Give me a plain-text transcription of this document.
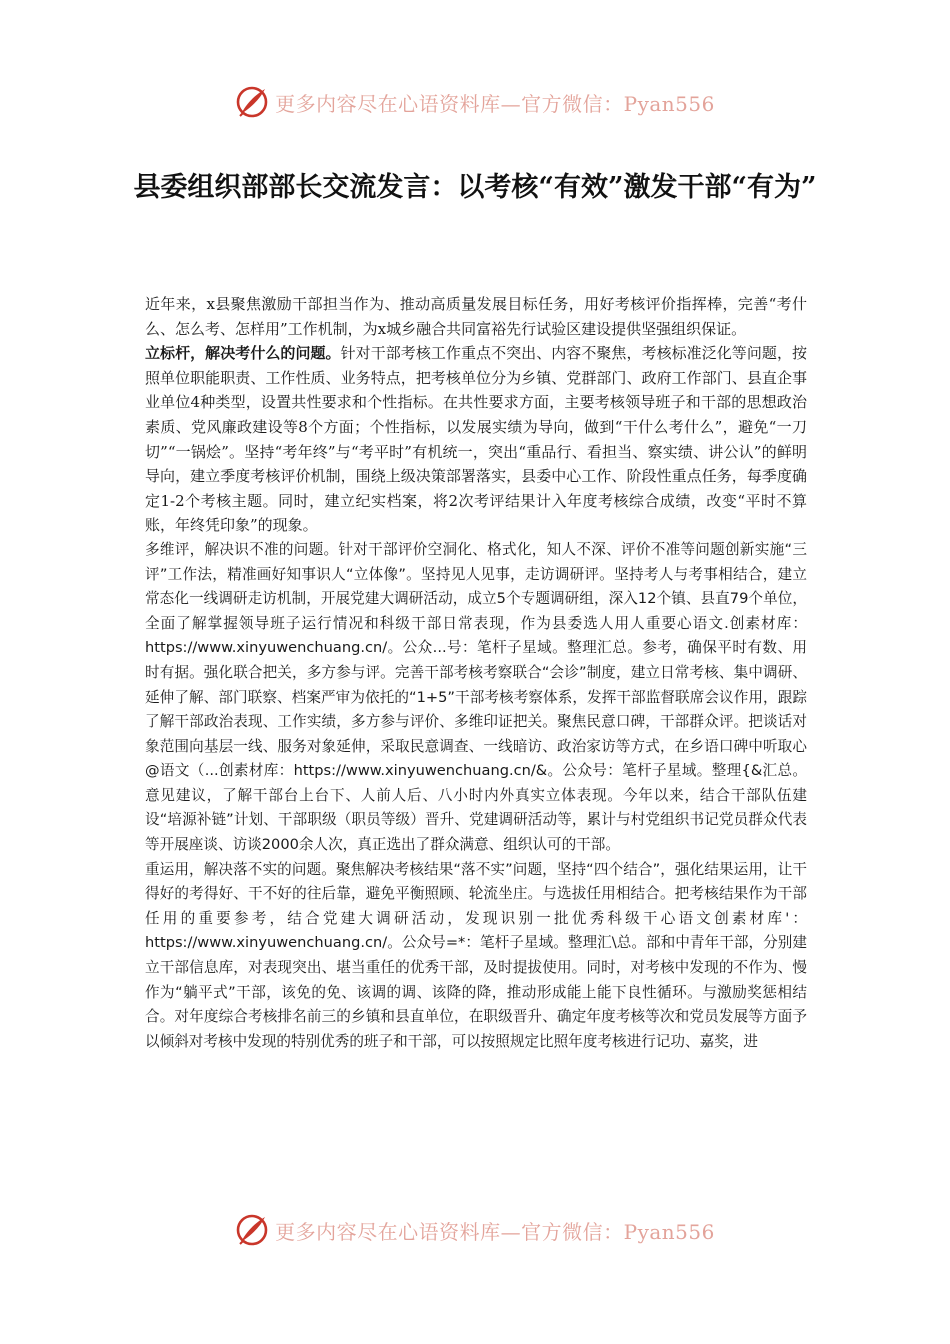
更多内容尽在心语资料库—官方微信：Pyan556
县委组织部部长交流发言：以考核“有效”激发干部“有为”

近年来，x县聚焦激励干部担当作为、推动高质量发展目标任务，用好考核评价指挥棒，完善“考什么、怎么考、怎样用”工作机制，为x城乡融合共同富裕先行试验区建设提供坚强组织保证。

立标杆，解决考什么的问题。针对干部考核工作重点不突出、内容不聚焦，考核标准泛化等问题，按照单位职能职责、工作性质、业务特点，把考核单位分为乡镇、党群部门、政府工作部门、县直企事业单位4种类型，设置共性要求和个性指标。在共性要求方面，主要考核领导班子和干部的思想政治素质、党风廉政建设等8个方面；个性指标，以发展实绩为导向，做到“干什么考什么”，避免“一刀切”“一锅烩”。坚持“考年终”与“考平时”有机统一，突出“重品行、看担当、察实绩、讲公认”的鲜明导向，建立季度考核评价机制，围绕上级决策部署落实，县委中心工作、阶段性重点任务，每季度确定1-2个考核主题。同时，建立纪实档案，将2次考评结果计入年度考核综合成绩，改变“平时不算账，年终凭印象”的现象。

多维评，解决识不准的问题。针对干部评价空洞化、格式化，知人不深、评价不准等问题创新实施“三评”工作法，精准画好知事识人“立体像”。坚持见人见事，走访调研评。坚持考人与考事相结合，建立常态化一线调研走访机制，开展党建大调研活动，成立5个专题调研组，深入12个镇、县直79个单位，全面了解掌握领导班子运行情况和科级干部日常表现，作为县委选人用人重要心语文.创素材库：https://www.xinyuwenchuang.cn/。公众...号：笔杆子星域。整理汇总。参考，确保平时有数、用时有据。强化联合把关，多方参与评。完善干部考核考察联合“会诊”制度，建立日常考核、集中调研、延伸了解、部门联察、档案严审为依托的“1+5”干部考核考察体系，发挥干部监督联席会议作用，跟踪了解干部政治表现、工作实绩，多方参与评价、多维印证把关。聚焦民意口碑，干部群众评。把谈话对象范围向基层一线、服务对象延伸，采取民意调查、一线暗访、政治家访等方式，在乡语口碑中听取心@语文（...创素材库：https://www.xinyuwenchuang.cn/&。公众号：笔杆子星域。整理{&汇总。意见建议，了解干部台上台下、人前人后、八小时内外真实立体表现。今年以来，结合干部队伍建设“培源补链”计划、干部职级（职员等级）晋升、党建调研活动等，累计与村党组织书记党员群众代表等开展座谈、访谈2000余人次，真正选出了群众满意、组织认可的干部。

重运用，解决落不实的问题。聚焦解决考核结果“落不实”问题，坚持“四个结合”，强化结果运用，让干得好的考得好、干不好的往后靠，避免平衡照顾、轮流坐庄。与选拔任用相结合。把考核结果作为干部任用的重要参考，结合党建大调研活动，发现识别一批优秀科级干心语文创素材库'：https://www.xinyuwenchuang.cn/。公众号=*：笔杆子星域。整理汇\总。部和中青年干部，分别建立干部信息库，对表现突出、堪当重任的优秀干部，及时提拔使用。同时，对考核中发现的不作为、慢作为“躺平式”干部，该免的免、该调的调、该降的降，推动形成能上能下良性循环。与激励奖惩相结合。对年度综合考核排名前三的乡镇和县直单位，在职级晋升、确定年度考核等次和党员发展等方面予以倾斜对考核中发现的特别优秀的班子和干部，可以按照规定比照年度考核进行记功、嘉奖，进

更多内容尽在心语资料库—官方微信：Pyan556
